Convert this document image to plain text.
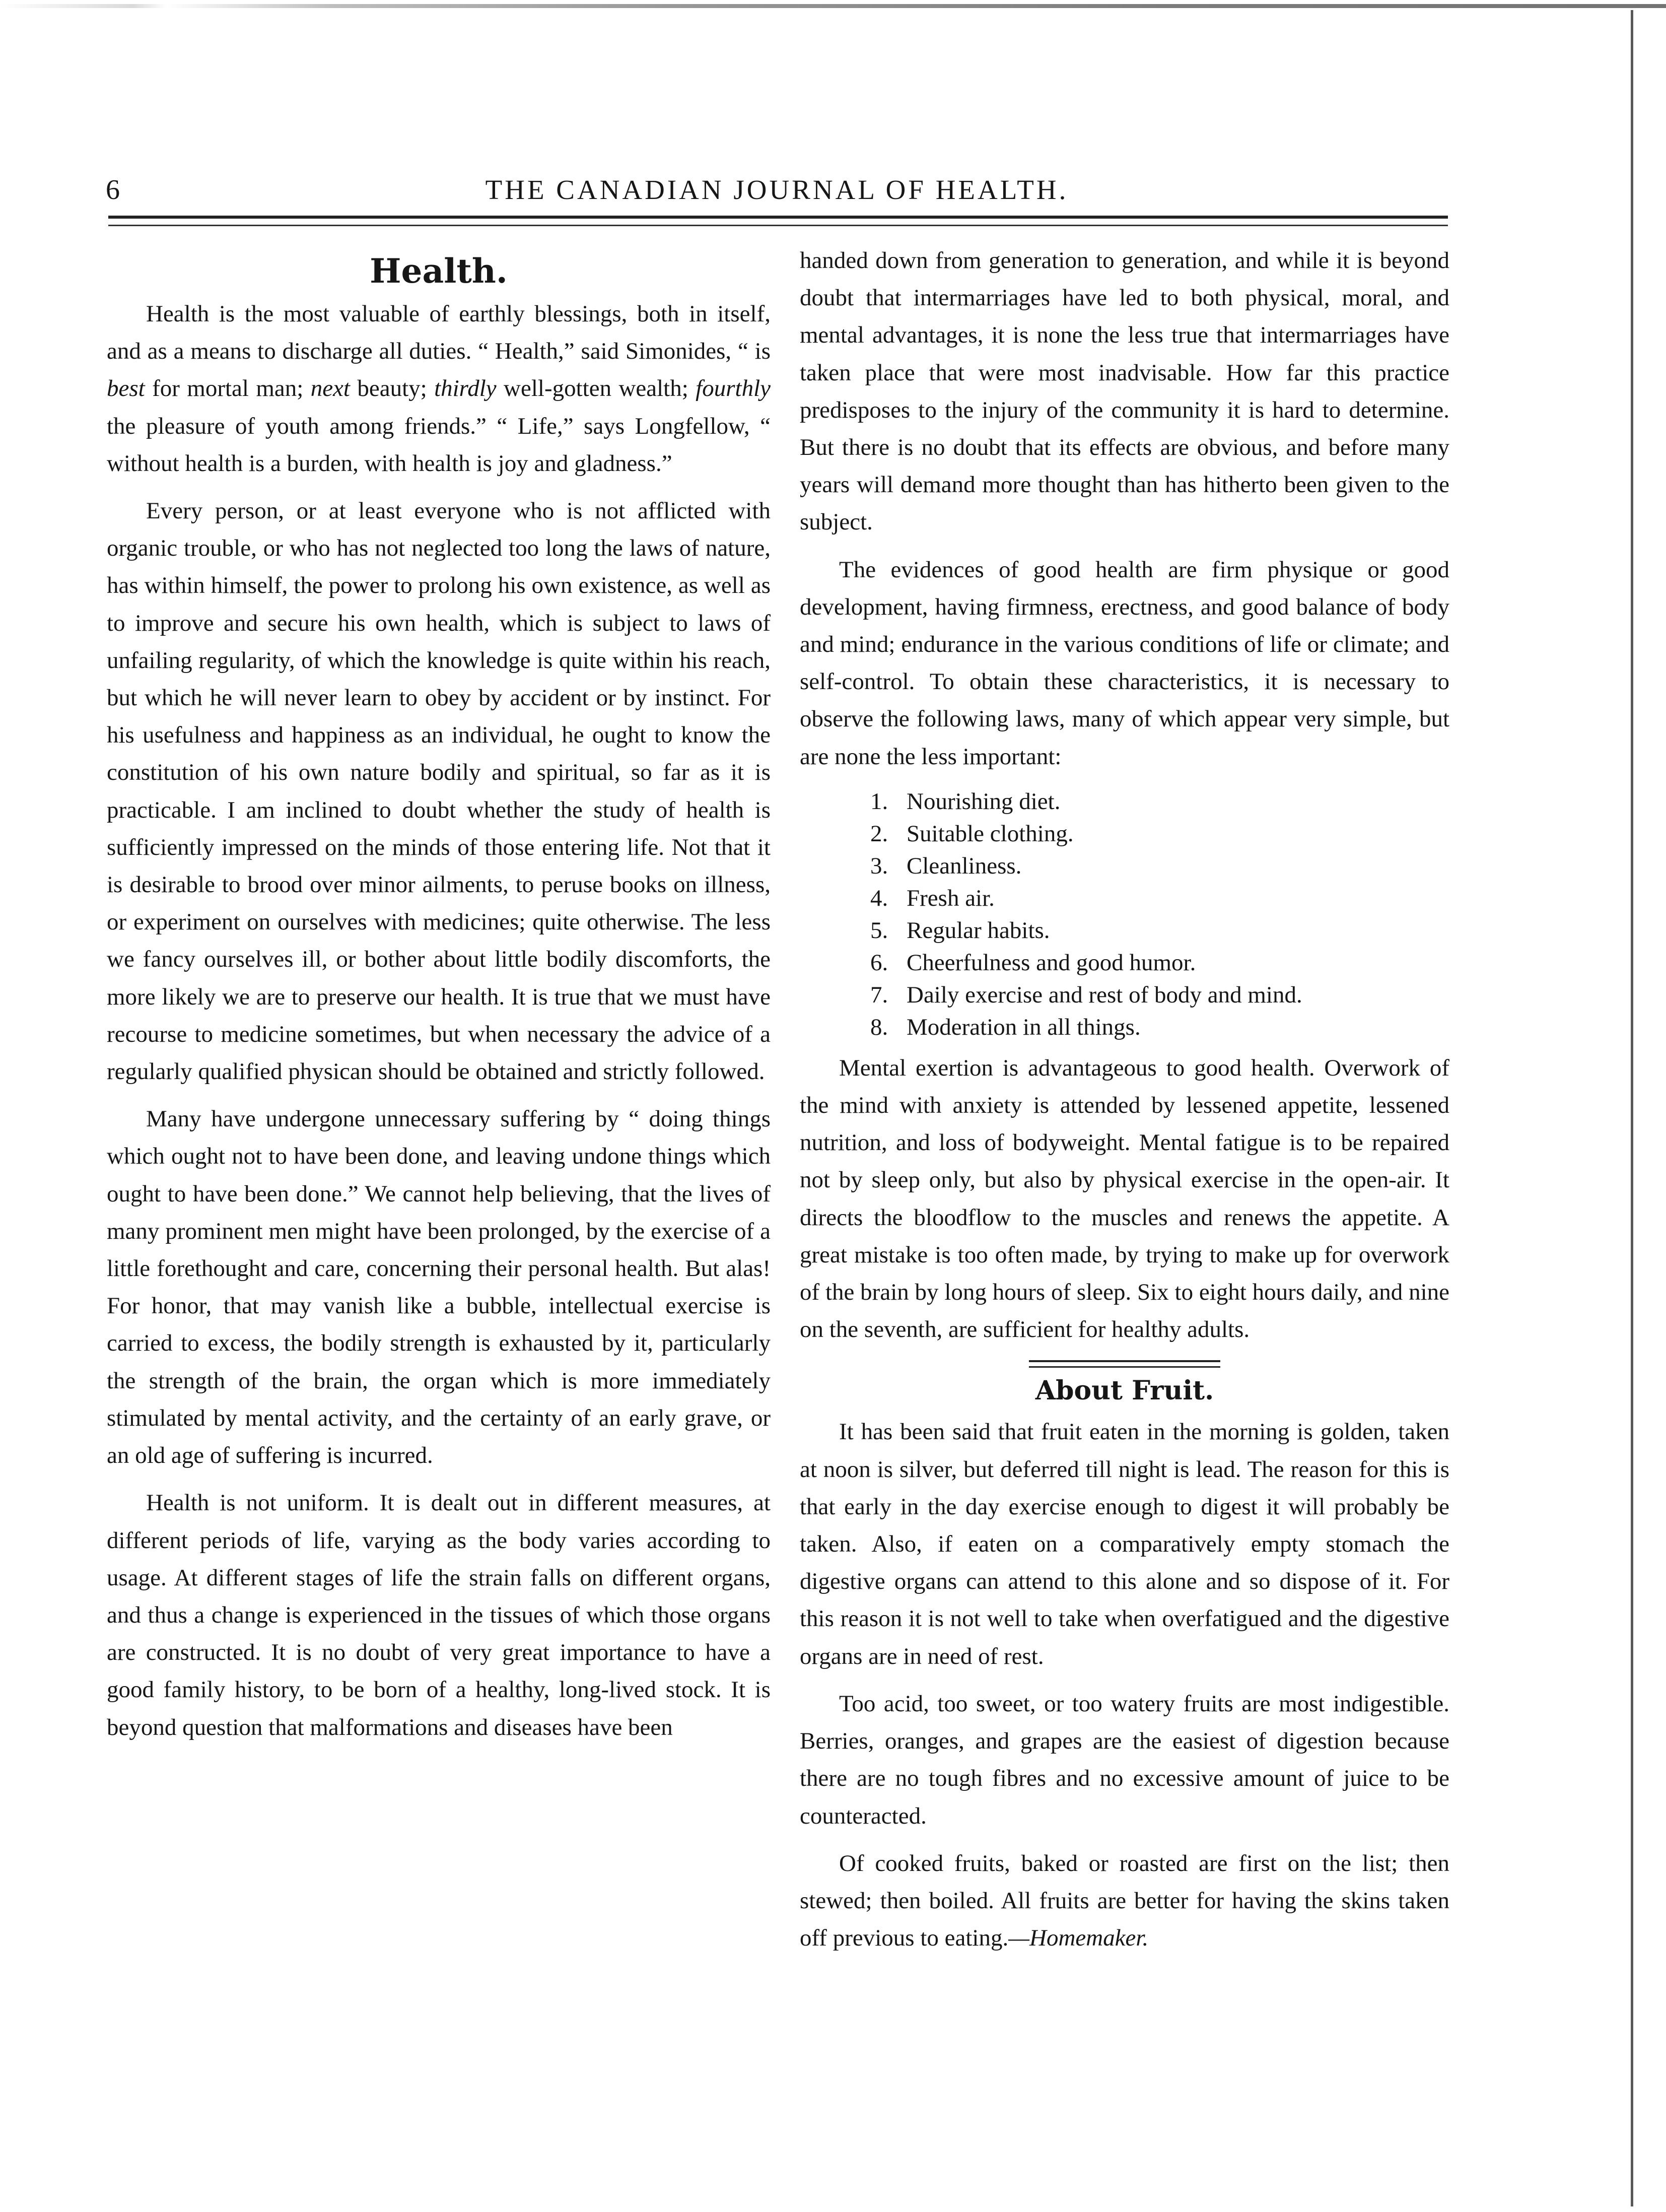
6	THE CANADIAN JOURNAL OF HEALTH.
Health.

Health is the most valuable of earthly blessings, both in itself, and as a means to discharge all duties. “ Health,” said Simonides, “ is best for mortal man; next beauty; thirdly well-gotten wealth; fourthly the pleasure of youth among friends.” “ Life,” says Longfellow, “ without health is a burden, with health is joy and gladness.”

Every person, or at least everyone who is not afflicted with organic trouble, or who has not neglected too long the laws of nature, has within himself, the power to prolong his own existence, as well as to improve and secure his own health, which is subject to laws of unfailing regularity, of which the knowledge is quite within his reach, but which he will never learn to obey by accident or by instinct. For his usefulness and happiness as an individual, he ought to know the constitution of his own nature bodily and spiritual, so far as it is practicable. I am inclined to doubt whether the study of health is sufficiently impressed on the minds of those entering life. Not that it is desirable to brood over minor ailments, to peruse books on illness, or experiment on ourselves with medicines; quite otherwise. The less we fancy ourselves ill, or bother about little bodily discomforts, the more likely we are to preserve our health. It is true that we must have recourse to medicine sometimes, but when necessary the advice of a regularly qualified physican should be obtained and strictly followed.

Many have undergone unnecessary suffering by “ doing things which ought not to have been done, and leaving undone things which ought to have been done.” We cannot help believing, that the lives of many prominent men might have been prolonged, by the exercise of a little forethought and care, concerning their personal health. But alas! For honor, that may vanish like a bubble, intellectual exercise is carried to excess, the bodily strength is exhausted by it, particularly the strength of the brain, the organ which is more immediately stimulated by mental activity, and the certainty of an early grave, or an old age of suffering is incurred.

Health is not uniform. It is dealt out in different measures, at different periods of life, varying as the body varies according to usage. At different stages of life the strain falls on different organs, and thus a change is experienced in the tissues of which those organs are constructed. It is no doubt of very great importance to have a good family history, to be born of a healthy, long-lived stock. It is beyond question that malformations and diseases have been

handed down from generation to generation, and while it is beyond doubt that intermarriages have led to both physical, moral, and mental advantages, it is none the less true that intermarriages have taken place that were most inadvisable. How far this practice predisposes to the injury of the community it is hard to determine. But there is no doubt that its effects are obvious, and before many years will demand more thought than has hitherto been given to the subject.

The evidences of good health are firm physique or good development, having firmness, erectness, and good balance of body and mind; endurance in the various conditions of life or climate; and self-control. To obtain these characteristics, it is necessary to observe the following laws, many of which appear very simple, but are none the less important:

1. Nourishing diet.
2. Suitable clothing.
3. Cleanliness.
4. Fresh air.
5. Regular habits.
6. Cheerfulness and good humor.
7. Daily exercise and rest of body and mind.
8. Moderation in all things.

Mental exertion is advantageous to good health. Overwork of the mind with anxiety is attended by lessened appetite, lessened nutrition, and loss of bodyweight. Mental fatigue is to be repaired not by sleep only, but also by physical exercise in the open-air. It directs the bloodflow to the muscles and renews the appetite. A great mistake is too often made, by trying to make up for overwork of the brain by long hours of sleep. Six to eight hours daily, and nine on the seventh, are sufficient for healthy adults.

About Fruit.

It has been said that fruit eaten in the morning is golden, taken at noon is silver, but deferred till night is lead. The reason for this is that early in the day exercise enough to digest it will probably be taken. Also, if eaten on a comparatively empty stomach the digestive organs can attend to this alone and so dispose of it. For this reason it is not well to take when overfatigued and the digestive organs are in need of rest.

Too acid, too sweet, or too watery fruits are most indigestible. Berries, oranges, and grapes are the easiest of digestion because there are no tough fibres and no excessive amount of juice to be counteracted.

Of cooked fruits, baked or roasted are first on the list; then stewed; then boiled. All fruits are better for having the skins taken off previous to eating.—Homemaker.
